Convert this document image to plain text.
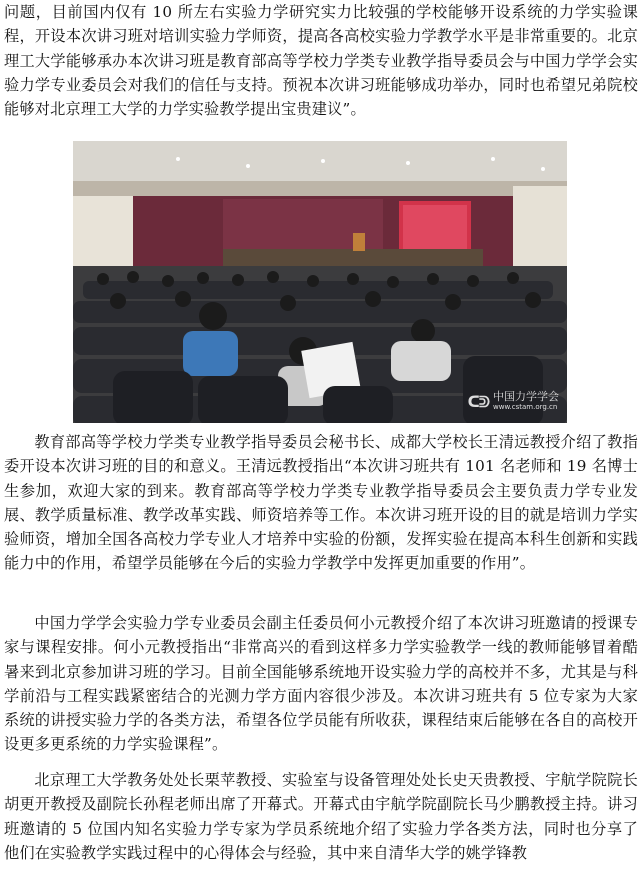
问题，目前国内仅有 10 所左右实验力学研究实力比较强的学校能够开设系统的力学实验课程，开设本次讲习班对培训实验力学师资，提高各高校实验力学教学水平是非常重要的。北京理工大学能够承办本次讲习班是教育部高等学校力学类专业教学指导委员会与中国力学学会实验力学专业委员会对我们的信任与支持。预祝本次讲习班能够成功举办，同时也希望兄弟院校能够对北京理工大学的力学实验教学提出宝贵建议”。

ᑕᕲ 中国力学学会
www.cstam.org.cn

教育部高等学校力学类专业教学指导委员会秘书长、成都大学校长王清远教授介绍了教指委开设本次讲习班的目的和意义。王清远教授指出“本次讲习班共有 101 名老师和 19 名博士生参加，欢迎大家的到来。教育部高等学校力学类专业教学指导委员会主要负责力学专业发展、教学质量标准、教学改革实践、师资培养等工作。本次讲习班开设的目的就是培训力学实验师资，增加全国各高校力学专业人才培养中实验的份额，发挥实验在提高本科生创新和实践能力中的作用，希望学员能够在今后的实验力学教学中发挥更加重要的作用”。

中国力学学会实验力学专业委员会副主任委员何小元教授介绍了本次讲习班邀请的授课专家与课程安排。何小元教授指出“非常高兴的看到这样多力学实验教学一线的教师能够冒着酷暑来到北京参加讲习班的学习。目前全国能够系统地开设实验力学的高校并不多，尤其是与科学前沿与工程实践紧密结合的光测力学方面内容很少涉及。本次讲习班共有 5 位专家为大家系统的讲授实验力学的各类方法，希望各位学员能有所收获，课程结束后能够在各自的高校开设更多更系统的力学实验课程”。

北京理工大学教务处处长栗苹教授、实验室与设备管理处处长史天贵教授、宇航学院院长胡更开教授及副院长孙程老师出席了开幕式。开幕式由宇航学院副院长马少鹏教授主持。讲习班邀请的 5 位国内知名实验力学专家为学员系统地介绍了实验力学各类方法，同时也分享了他们在实验教学实践过程中的心得体会与经验，其中来自清华大学的姚学锋教
